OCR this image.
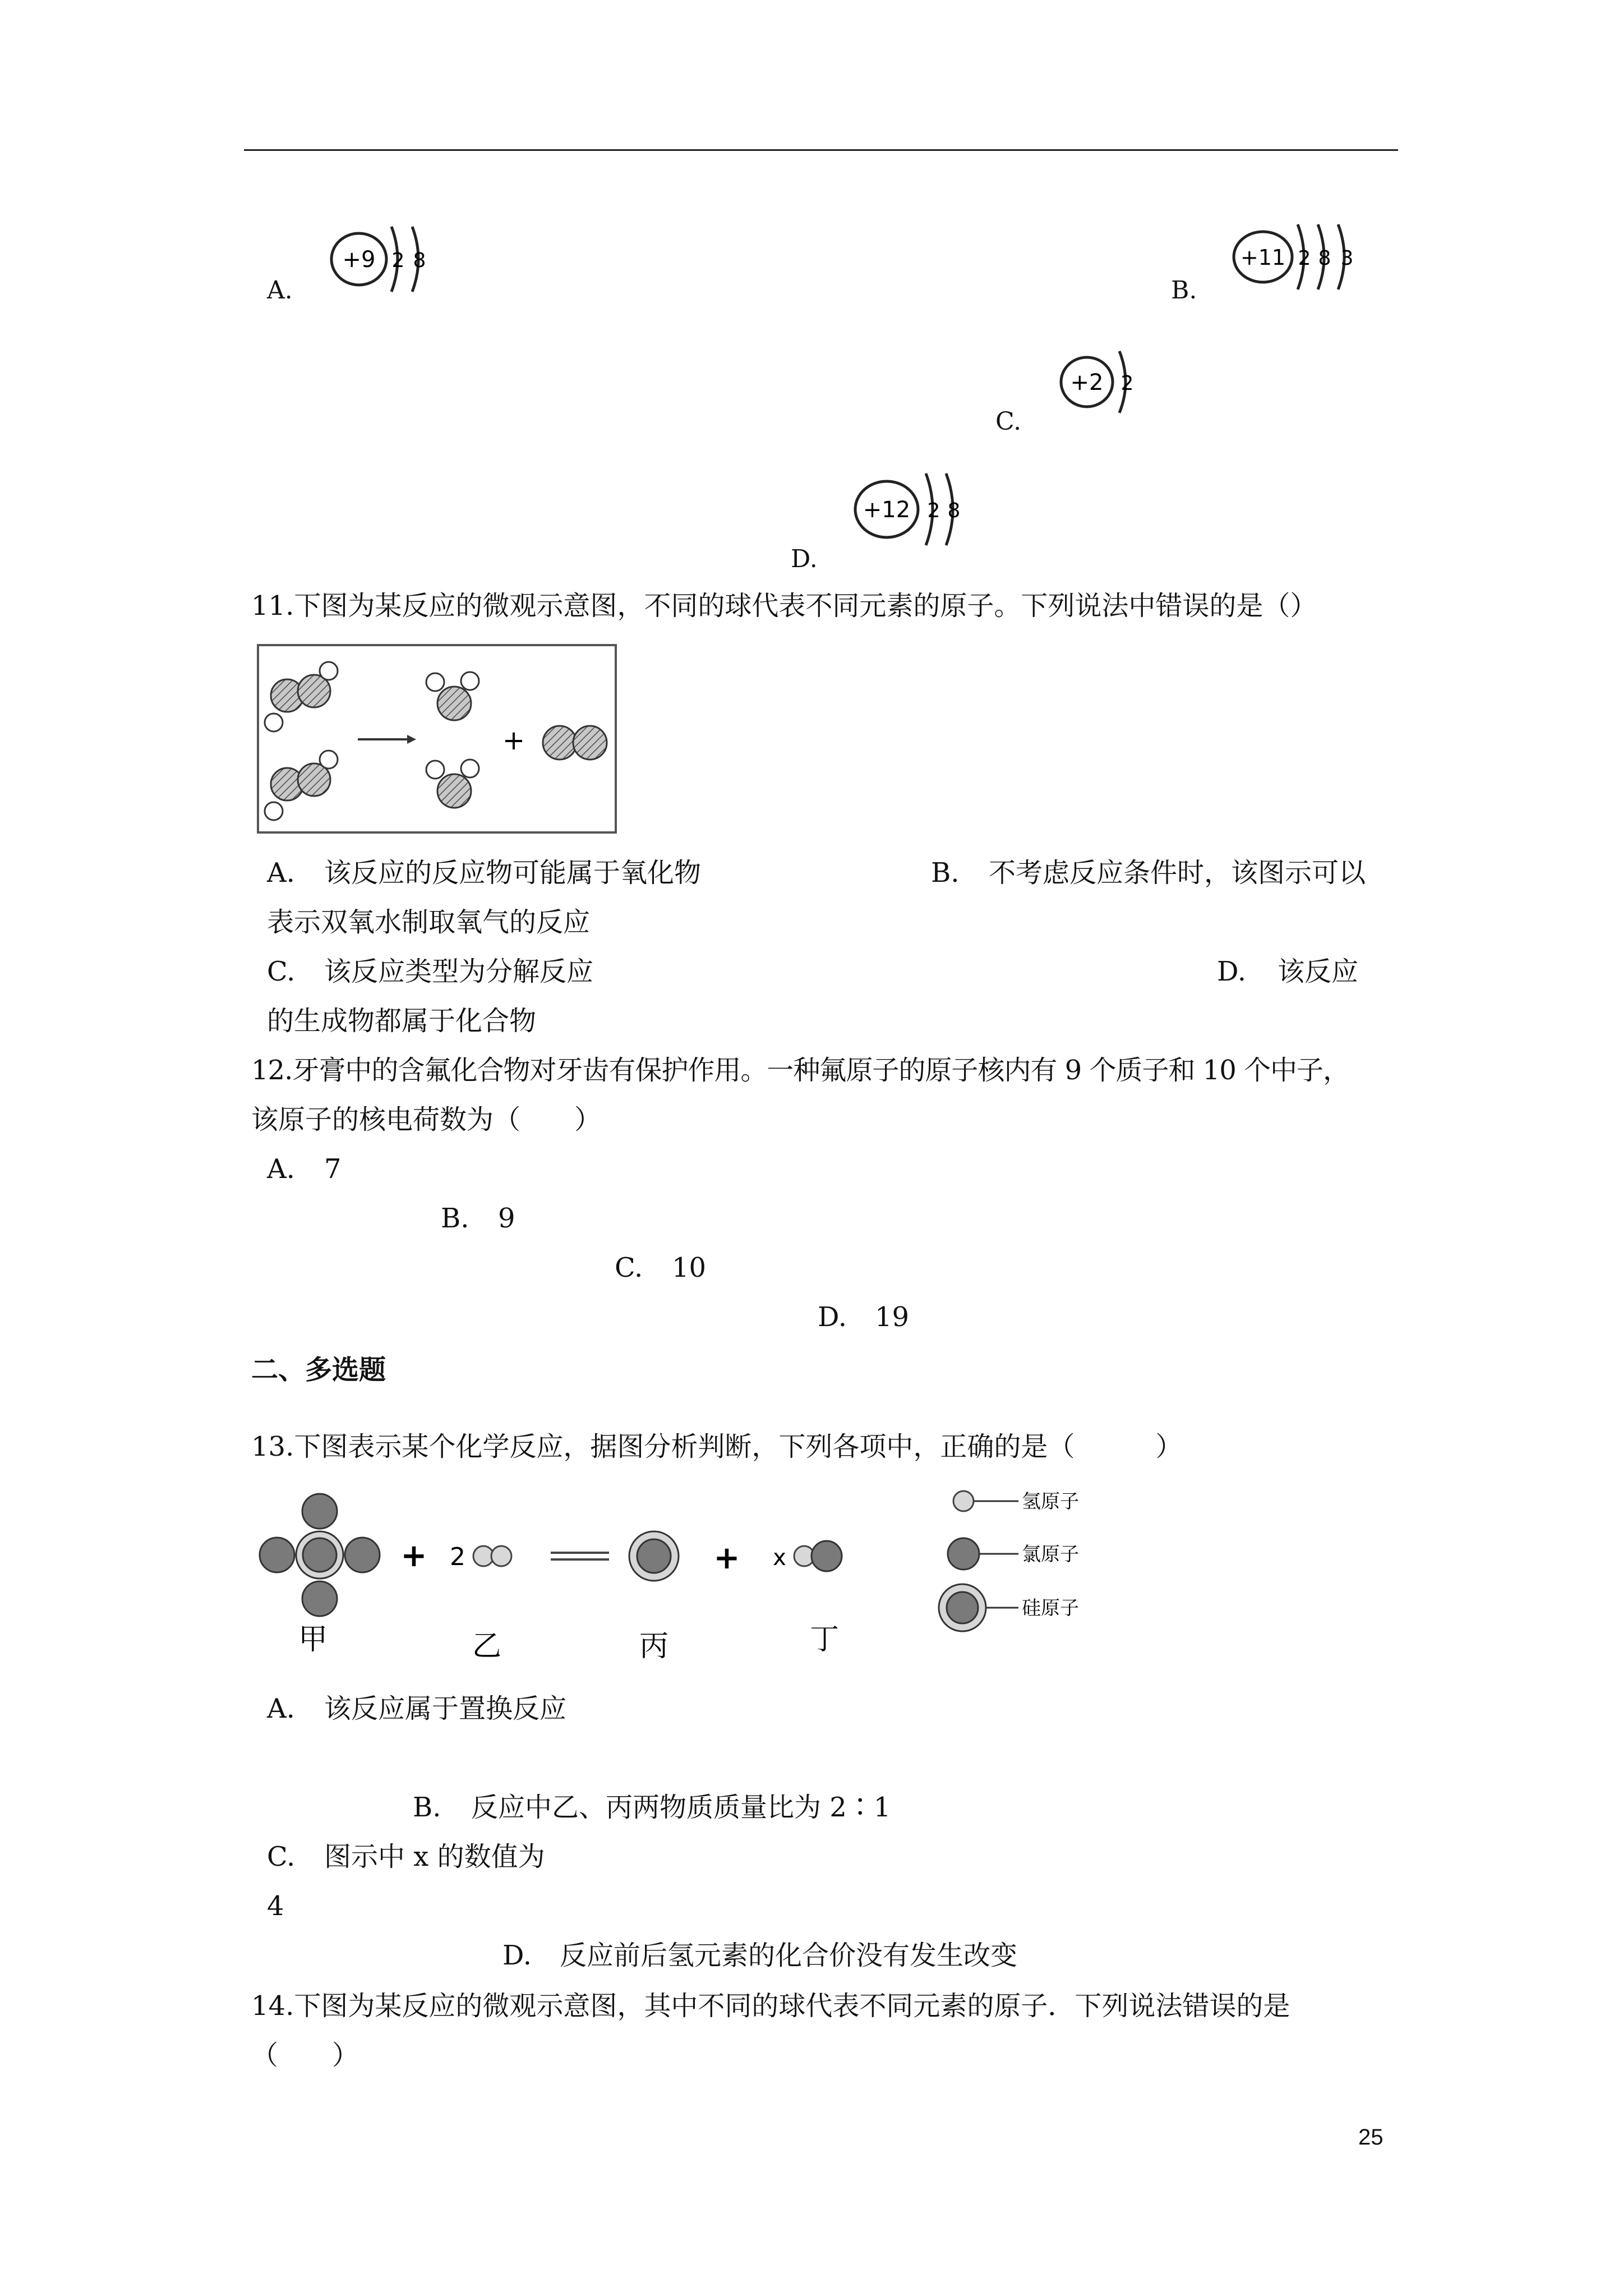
A.
+9 2 8
B.
+11 2 8 3
C.
+2 2
D.
+12 2 8
11.下图为某反应的微观示意图，不同的球代表不同元素的原子。下列说法中错误的是（）
+
A. 该反应的反应物可能属于氧化物	B. 不考虑反应条件时，该图示可以
表示双氧水制取氧气的反应
C. 该反应类型为分解反应	D. 该反应
的生成物都属于化合物
12.牙膏中的含氟化合物对牙齿有保护作用。一种氟原子的原子核内有 9 个质子和 10 个中子，
该原子的核电荷数为（　　）
A. 7
B. 9
C. 10
D. 19
二、多选题
13.下图表示某个化学反应，据图分析判断，下列各项中，正确的是（　　　）
+ 2	+ x
甲	乙	丙	丁
氢原子
氯原子
硅原子
A. 该反应属于置换反应
B. 反应中乙、丙两物质质量比为 2∶1
C. 图示中 x 的数值为
4
D. 反应前后氢元素的化合价没有发生改变
14.下图为某反应的微观示意图，其中不同的球代表不同元素的原子．下列说法错误的是
（　　）
25
